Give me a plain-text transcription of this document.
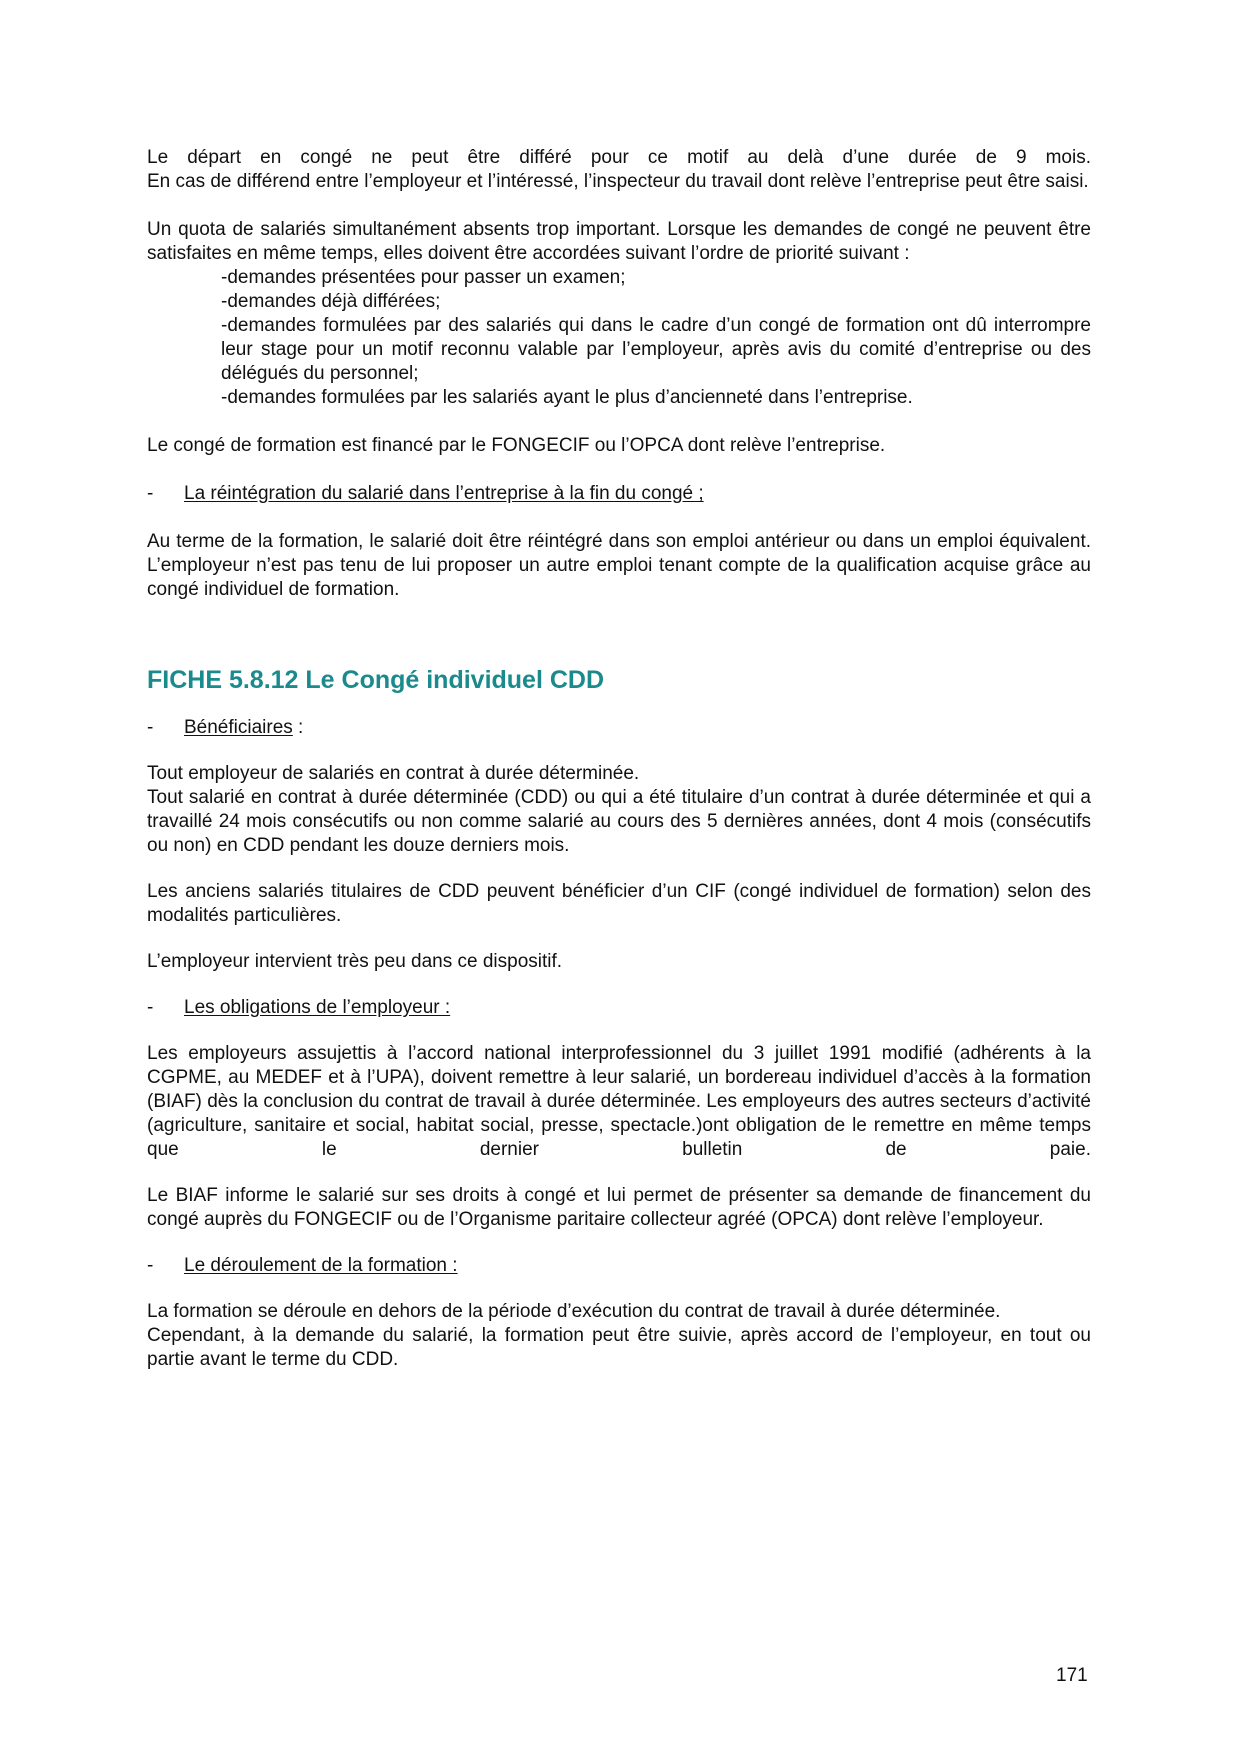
Le départ en congé ne peut être différé pour ce motif au delà d’une durée de 9 mois.

En cas de différend entre l’employeur et l’intéressé, l’inspecteur du travail dont relève l’entreprise peut être saisi.

Un quota de salariés simultanément absents trop important. Lorsque les demandes de congé ne peuvent être satisfaites en même temps, elles doivent être accordées suivant l’ordre de priorité suivant :

-demandes présentées pour passer un examen;

-demandes déjà différées;

-demandes formulées par des salariés qui dans le cadre d’un congé de formation ont dû interrompre leur stage pour un motif reconnu valable par l’employeur, après avis du comité d’entreprise ou des délégués du personnel;

-demandes formulées par les salariés ayant le plus d’ancienneté dans l’entreprise.

Le congé de formation est financé par le FONGECIF ou l’OPCA dont relève l’entreprise.

- La réintégration du salarié dans l’entreprise à la fin du congé ;

Au terme de la formation, le salarié doit être réintégré dans son emploi antérieur ou dans un emploi équivalent. L’employeur n’est pas tenu de lui proposer un autre emploi tenant compte de la qualification acquise grâce au congé individuel de formation.

FICHE 5.8.12 Le Congé individuel CDD
- Bénéficiaires :

Tout employeur de salariés en contrat à durée déterminée.

Tout salarié en contrat à durée déterminée (CDD) ou qui a été titulaire d’un contrat à durée déterminée et qui a travaillé 24 mois consécutifs ou non comme salarié au cours des 5 dernières années, dont 4 mois (consécutifs ou non) en CDD pendant les douze derniers mois.

Les anciens salariés titulaires de CDD peuvent bénéficier d’un CIF (congé individuel de formation) selon des modalités particulières.

L’employeur intervient très peu dans ce dispositif.

- Les obligations de l’employeur :

Les employeurs assujettis à l’accord national interprofessionnel du 3 juillet 1991 modifié (adhérents à la CGPME, au MEDEF et à l’UPA), doivent remettre à leur salarié, un bordereau individuel d’accès à la formation (BIAF) dès la conclusion du contrat de travail à durée déterminée. Les employeurs des autres secteurs d’activité (agriculture, sanitaire et social, habitat social, presse, spectacle.)ont obligation de le remettre en même temps que le dernier bulletin de paie.

Le BIAF informe le salarié sur ses droits à congé et lui permet de présenter sa demande de financement du congé auprès du FONGECIF ou de l’Organisme paritaire collecteur agréé (OPCA) dont relève l’employeur.

- Le déroulement de la formation :

La formation se déroule en dehors de la période d’exécution du contrat de travail à durée déterminée.

Cependant, à la demande du salarié, la formation peut être suivie, après accord de l’employeur, en tout ou partie avant le terme du CDD.

171
